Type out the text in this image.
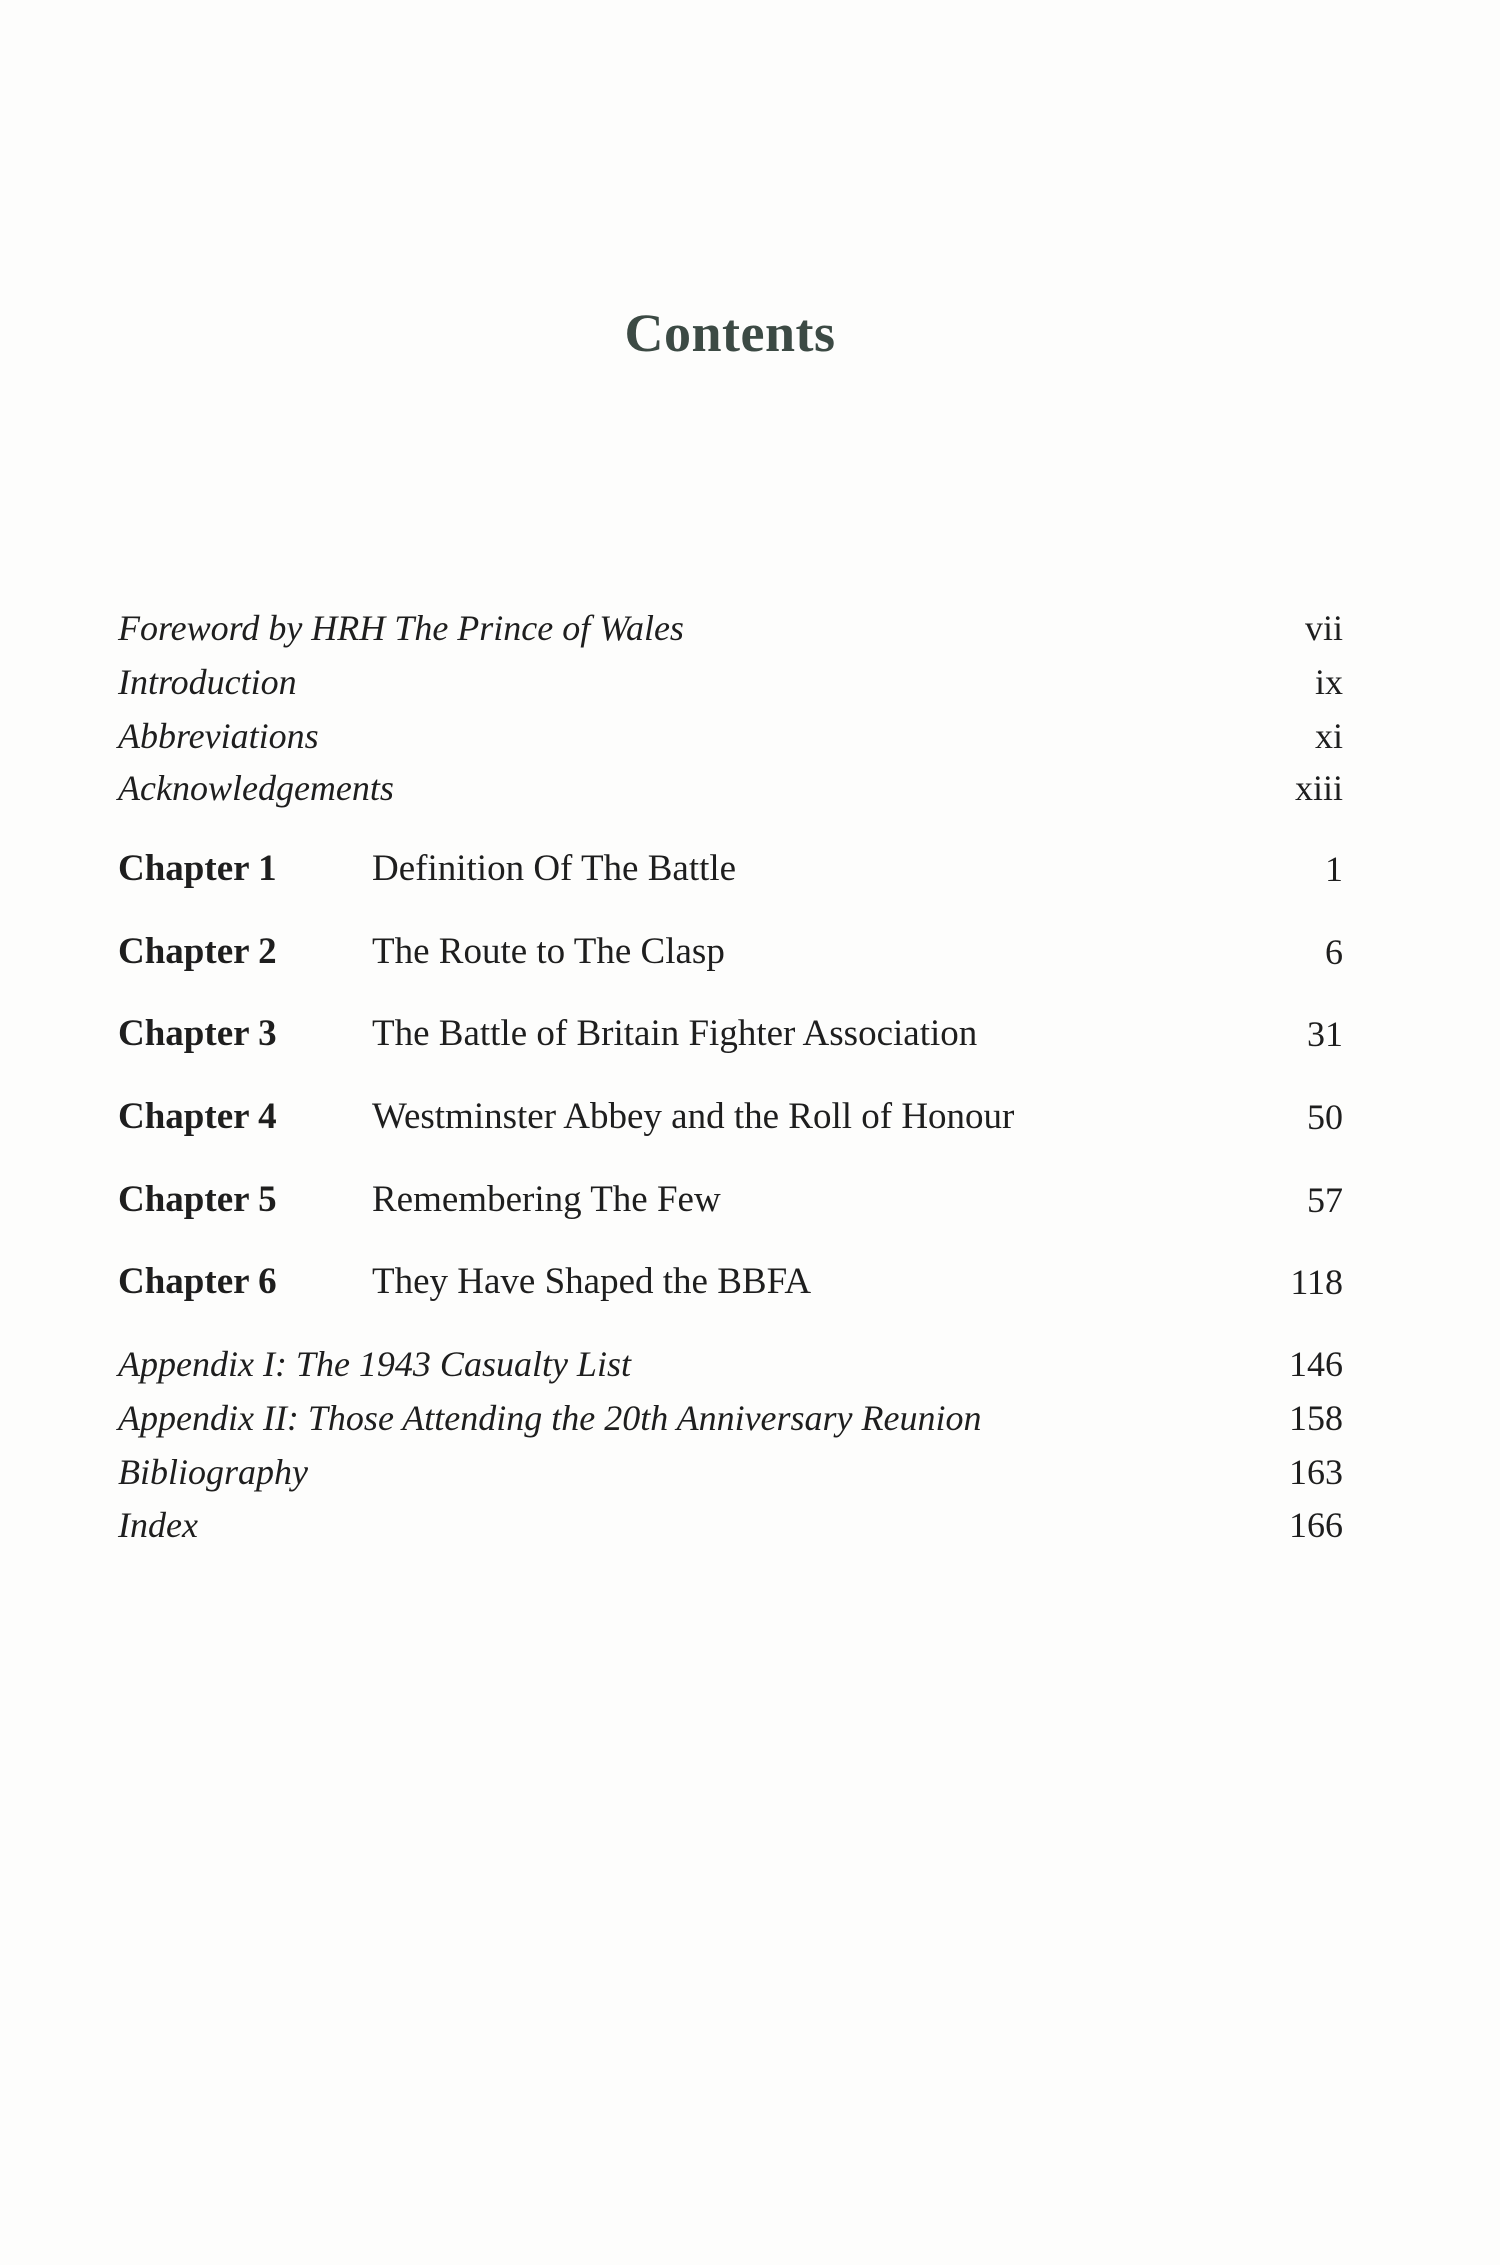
Contents
Foreword by HRH The Prince of Wales	vii
Introduction	ix
Abbreviations	xi
Acknowledgements	xiii
Chapter 1	Definition Of The Battle	1
Chapter 2	The Route to The Clasp	6
Chapter 3	The Battle of Britain Fighter Association	31
Chapter 4	Westminster Abbey and the Roll of Honour	50
Chapter 5	Remembering The Few	57
Chapter 6	They Have Shaped the BBFA	118
Appendix I: The 1943 Casualty List	146
Appendix II: Those Attending the 20th Anniversary Reunion	158
Bibliography	163
Index	166
